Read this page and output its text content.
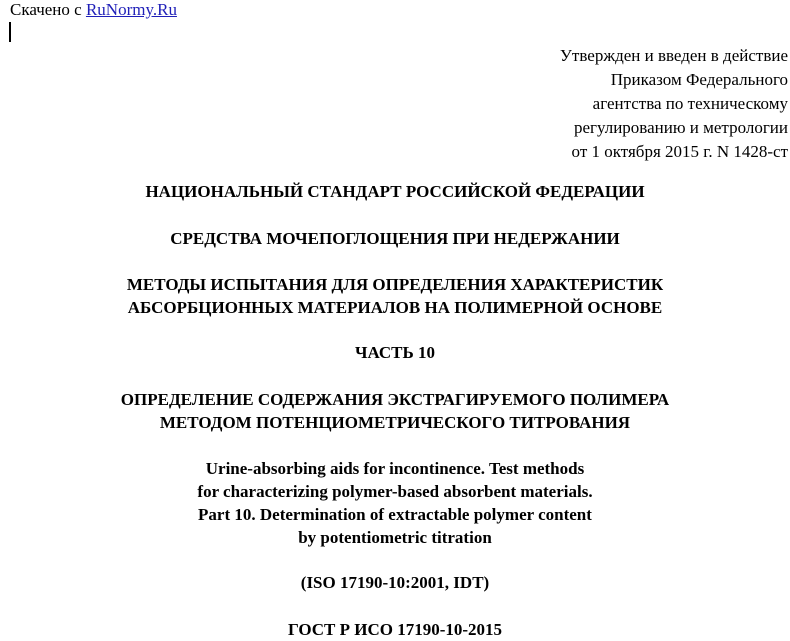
Скачено с RuNormy.Ru
Утвержден и введен в действие
Приказом Федерального
агентства по техническому
регулированию и метрологии
от 1 октября 2015 г. N 1428-ст
НАЦИОНАЛЬНЫЙ СТАНДАРТ РОССИЙСКОЙ ФЕДЕРАЦИИ
СРЕДСТВА МОЧЕПОГЛОЩЕНИЯ ПРИ НЕДЕРЖАНИИ
МЕТОДЫ ИСПЫТАНИЯ ДЛЯ ОПРЕДЕЛЕНИЯ ХАРАКТЕРИСТИК
АБСОРБЦИОННЫХ МАТЕРИАЛОВ НА ПОЛИМЕРНОЙ ОСНОВЕ
ЧАСТЬ 10
ОПРЕДЕЛЕНИЕ СОДЕРЖАНИЯ ЭКСТРАГИРУЕМОГО ПОЛИМЕРА
МЕТОДОМ ПОТЕНЦИОМЕТРИЧЕСКОГО ТИТРОВАНИЯ
Urine-absorbing aids for incontinence. Test methods
for characterizing polymer-based absorbent materials.
Part 10. Determination of extractable polymer content
by potentiometric titration
(ISO 17190-10:2001, IDT)
ГОСТ Р ИСО 17190-10-2015
